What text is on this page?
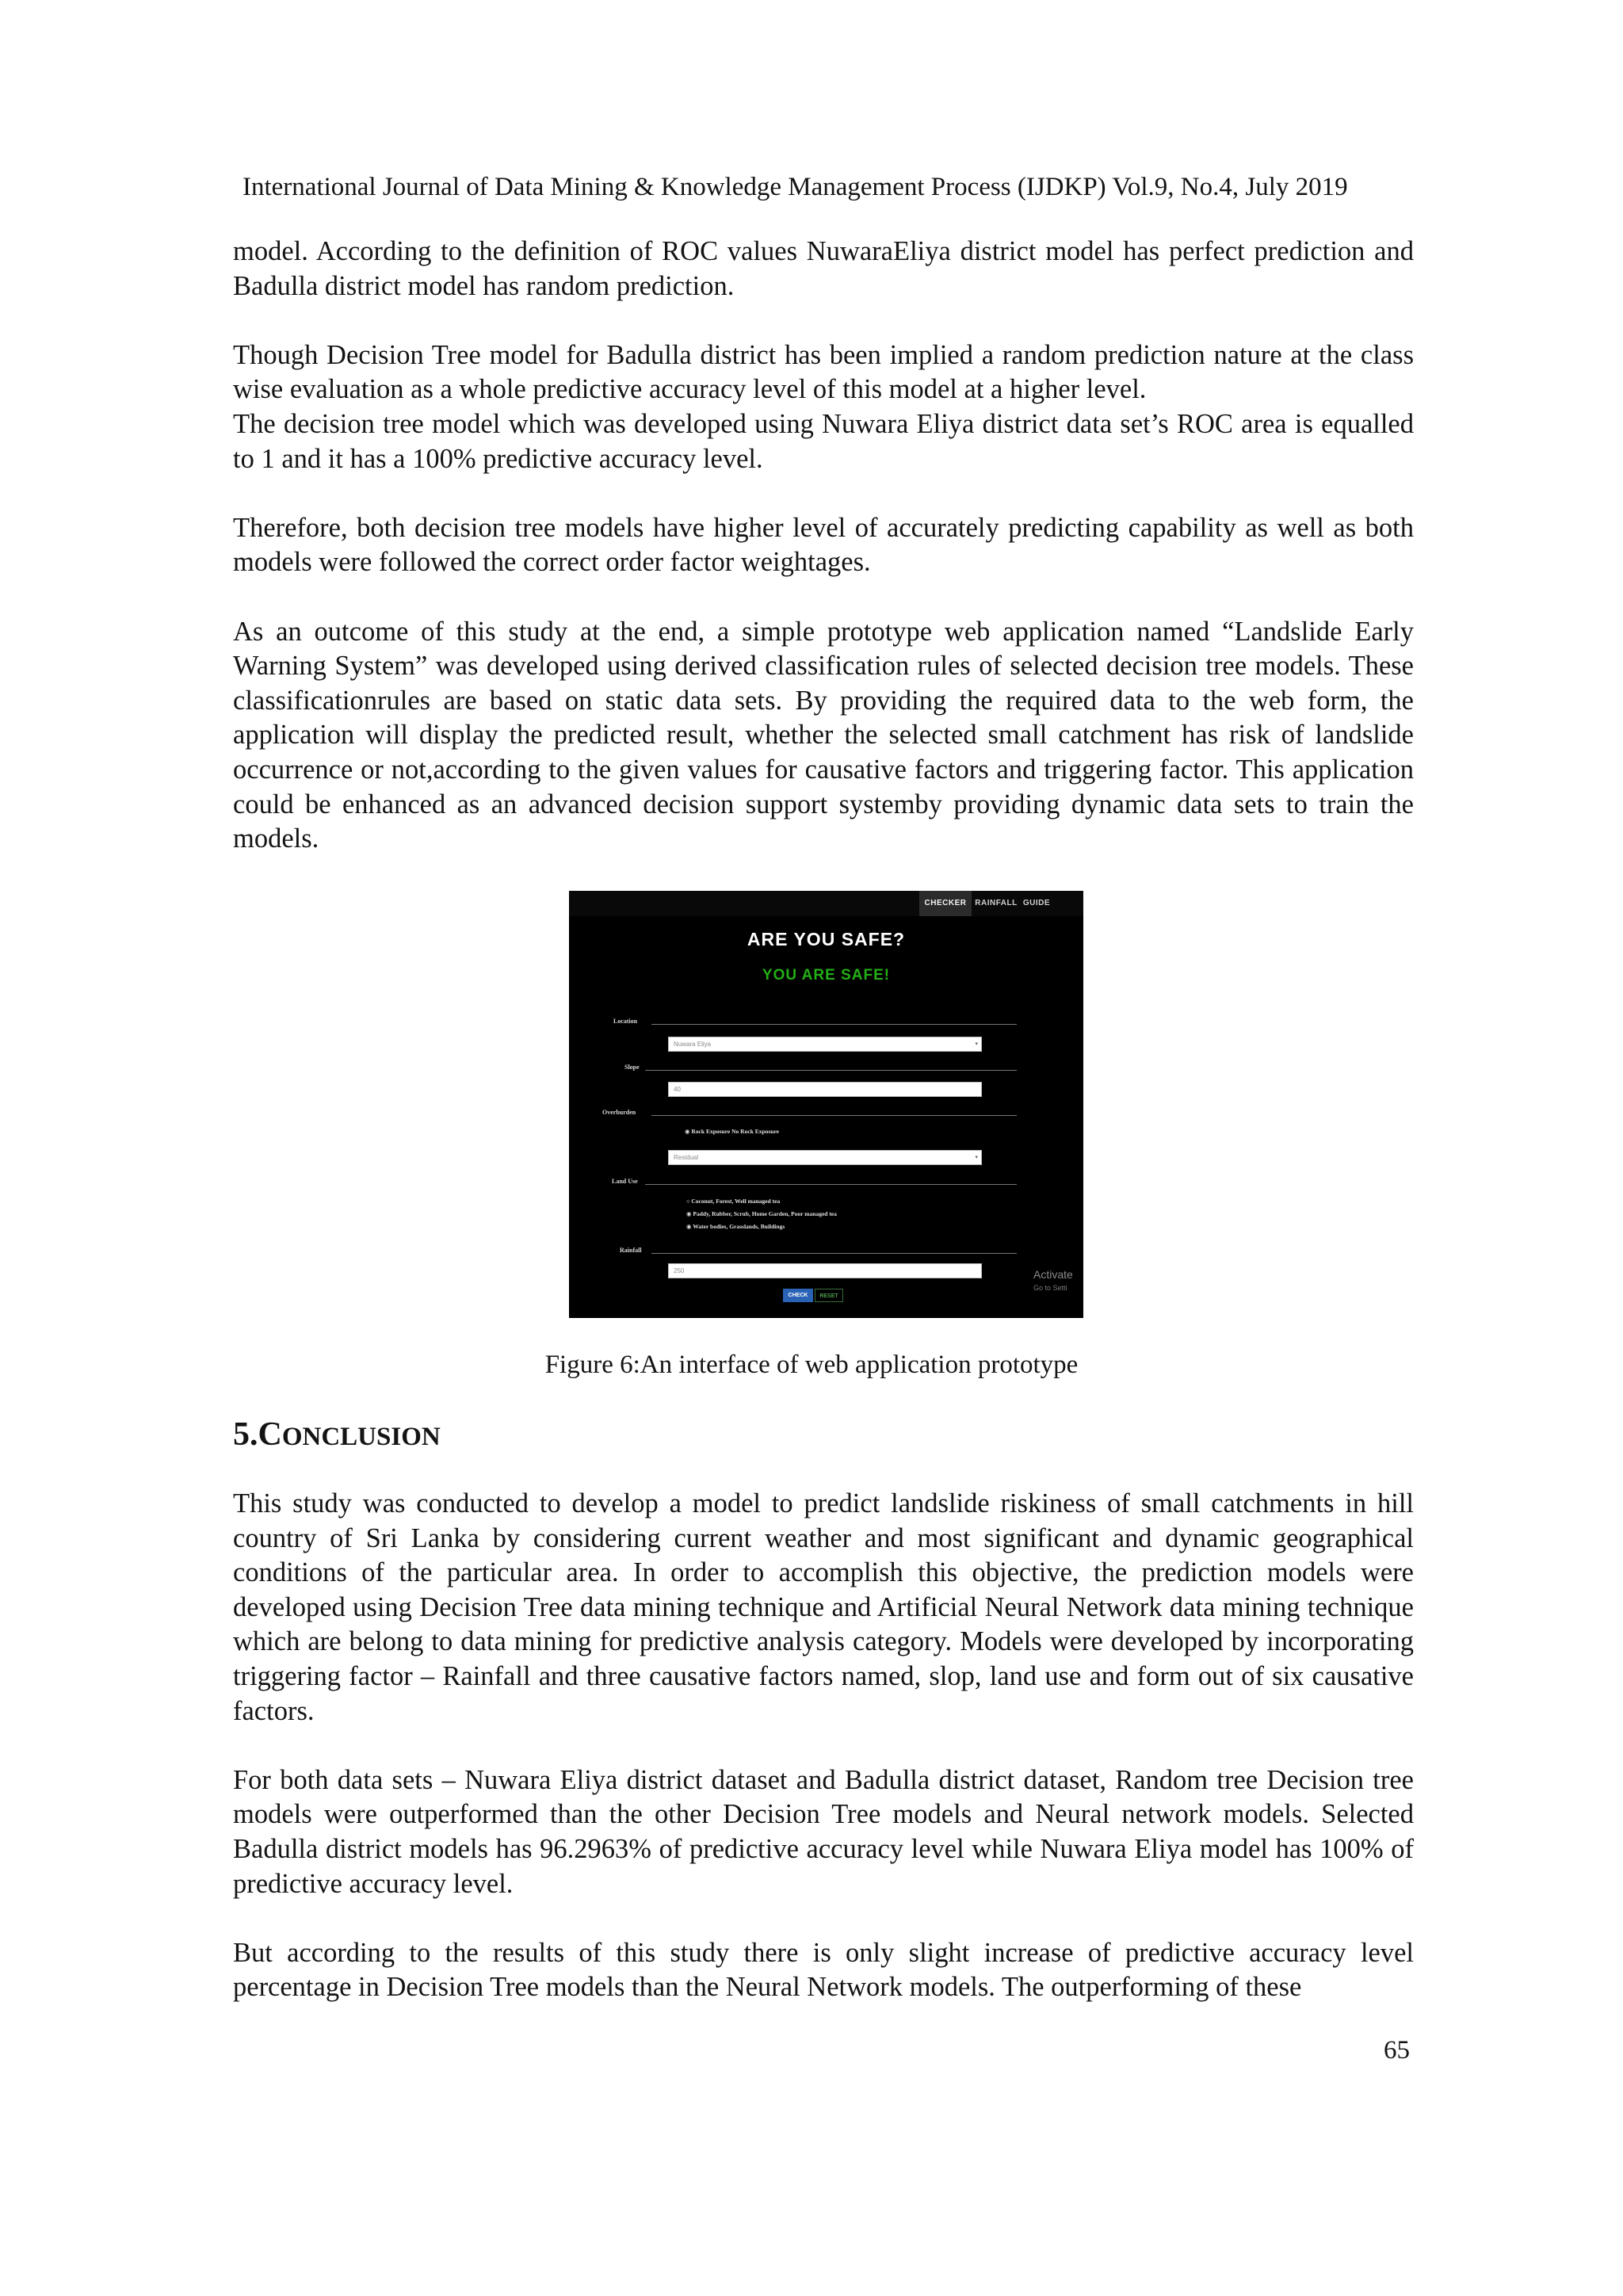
International Journal of Data Mining & Knowledge Management Process (IJDKP) Vol.9, No.4, July 2019

model. According to the definition of ROC values NuwaraEliya district model has perfect prediction and Badulla district model has random prediction.

Though Decision Tree model for Badulla district has been implied a random prediction nature at the class wise evaluation as a whole predictive accuracy level of this model at a higher level.

The decision tree model which was developed using Nuwara Eliya district data set’s ROC area is equalled to 1 and it has a 100% predictive accuracy level.

Therefore, both decision tree models have higher level of accurately predicting capability as well as both models were followed the correct order factor weightages.

As an outcome of this study at the end, a simple prototype web application named “Landslide Early Warning System” was developed using derived classification rules of selected decision tree models. These classificationrules are based on static data sets. By providing the required data to the web form, the application will display the predicted result, whether the selected small catchment has risk of landslide occurrence or not,according to the given values for causative factors and triggering factor. This application could be enhanced as an advanced decision support systemby providing dynamic data sets to train the models.

CHECKER	RAINFALL GUIDE
ARE YOU SAFE?
YOU ARE SAFE!
Location
Nuwara Eliya	▾
Slope
40
Overburden
◉ Rock Exposure No Rock Exposure
Residual	▾
Land Use
○ Coconut, Forest, Well managed tea
◉ Paddy, Rubber, Scrub, Home Garden, Poor managed tea
◉ Water bodies, Grasslands, Buildings
Rainfall
250
CHECK	RESET
Activate
Go to Setti
Figure 6:An interface of web application prototype
5.CONCLUSION

This study was conducted to develop a model to predict landslide riskiness of small catchments in hill country of Sri Lanka by considering current weather and most significant and dynamic geographical conditions of the particular area. In order to accomplish this objective, the prediction models were developed using Decision Tree data mining technique and Artificial Neural Network data mining technique which are belong to data mining for predictive analysis category. Models were developed by incorporating triggering factor – Rainfall and three causative factors named, slop, land use and form out of six causative factors.

For both data sets – Nuwara Eliya district dataset and Badulla district dataset, Random tree Decision tree models were outperformed than the other Decision Tree models and Neural network models. Selected Badulla district models has 96.2963% of predictive accuracy level while Nuwara Eliya model has 100% of predictive accuracy level.

But according to the results of this study there is only slight increase of predictive accuracy level percentage in Decision Tree models than the Neural Network models. The outperforming of these

65
